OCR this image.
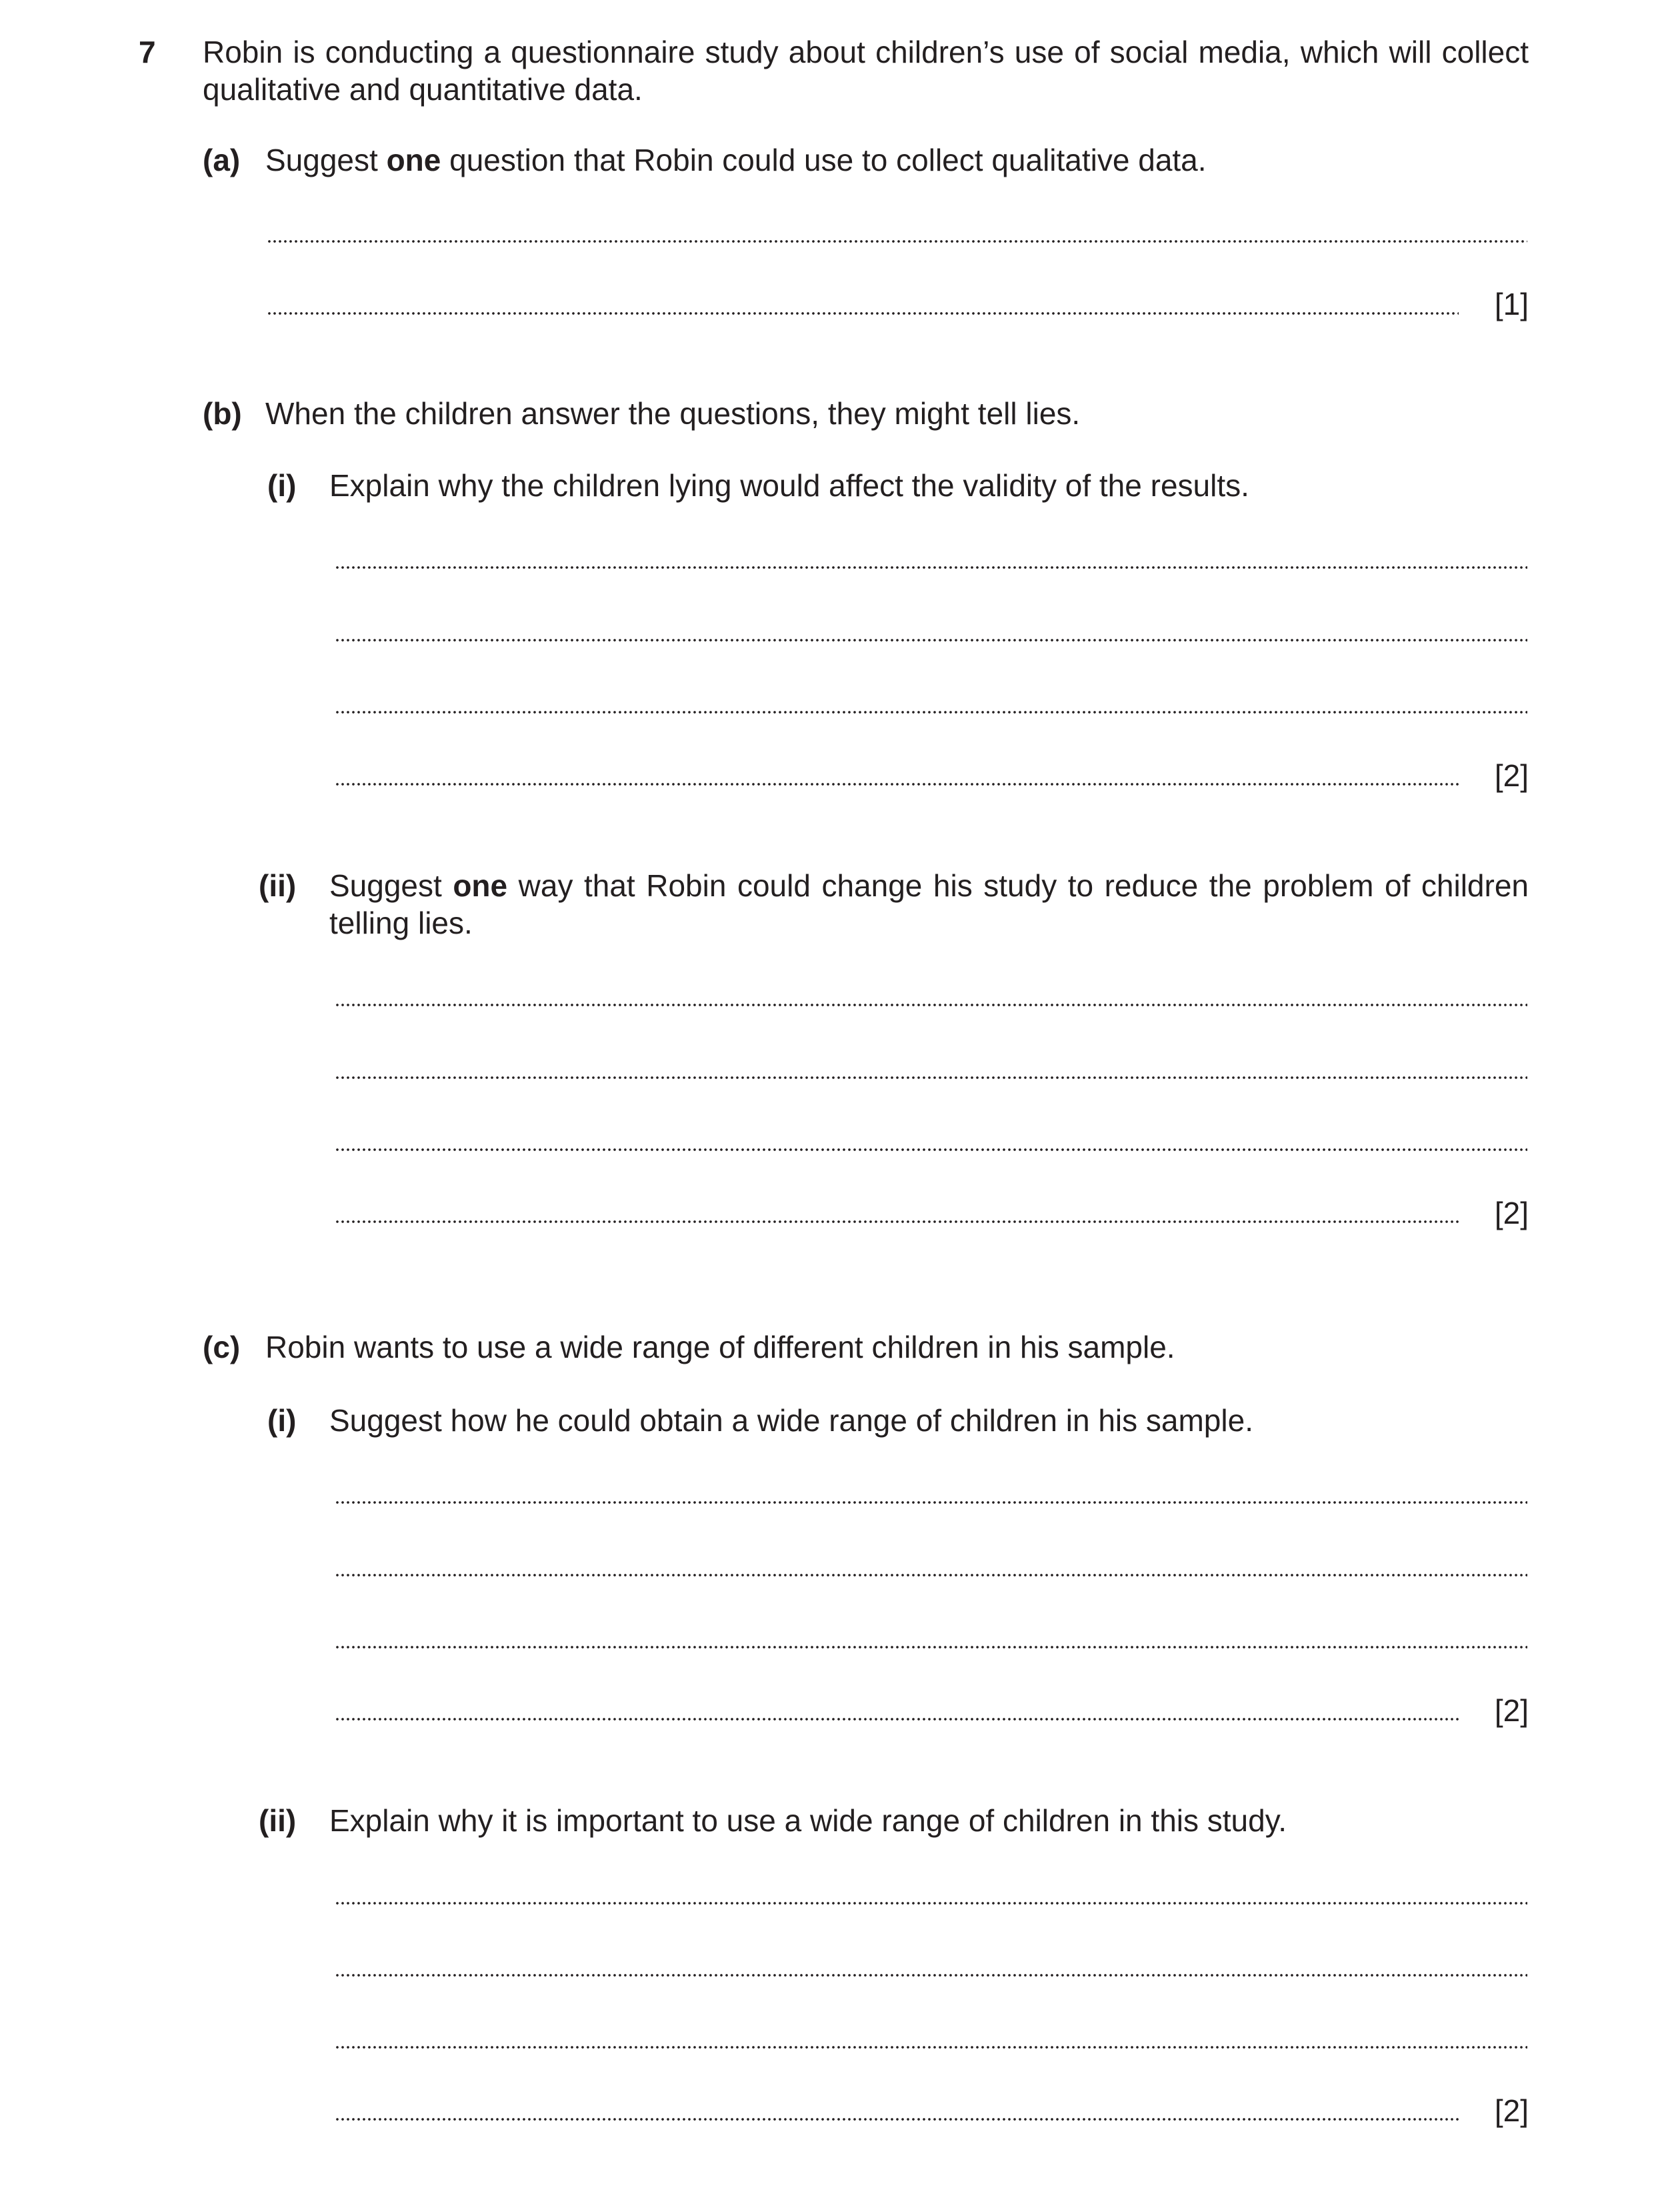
7 Robin is conducting a questionnaire study about children’s use of social media, which will collect
qualitative and quantitative data.
(a) Suggest one question that Robin could use to collect qualitative data.
[1]
(b) When the children answer the questions, they might tell lies.
(i) Explain why the children lying would affect the validity of the results.
[2]
(ii) Suggest one way that Robin could change his study to reduce the problem of children
telling lies.
[2]
(c) Robin wants to use a wide range of different children in his sample.
(i) Suggest how he could obtain a wide range of children in his sample.
[2]
(ii) Explain why it is important to use a wide range of children in this study.
[2]
